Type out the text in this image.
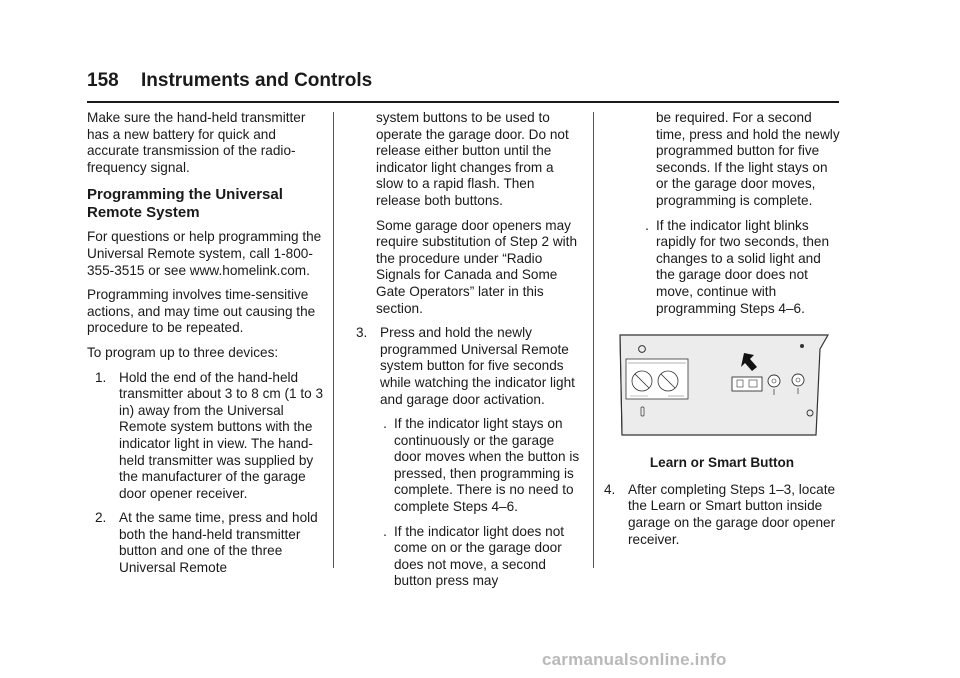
158 Instruments and Controls

Make sure the hand-held transmitter has a new battery for quick and accurate transmission of the radio-frequency signal.

Programming the Universal Remote System

For questions or help programming the Universal Remote system, call 1-800-355-3515 or see www.homelink.com.

Programming involves time-sensitive actions, and may time out causing the procedure to be repeated.

To program up to three devices:

1. Hold the end of the hand-held transmitter about 3 to 8 cm (1 to 3 in) away from the Universal Remote system buttons with the indicator light in view. The hand-held transmitter was supplied by the manufacturer of the garage door opener receiver.
2. At the same time, press and hold both the hand-held transmitter button and one of the three Universal Remote

system buttons to be used to operate the garage door. Do not release either button until the indicator light changes from a slow to a rapid flash. Then release both buttons.

Some garage door openers may require substitution of Step 2 with the procedure under “Radio Signals for Canada and Some Gate Operators” later in this section.

3. Press and hold the newly programmed Universal Remote system button for five seconds while watching the indicator light and garage door activation.
. If the indicator light stays on continuously or the garage door moves when the button is pressed, then programming is complete. There is no need to complete Steps 4–6.
. If the indicator light does not come on or the garage door does not move, a second button press may

be required. For a second time, press and hold the newly programmed button for five seconds. If the light stays on or the garage door moves, programming is complete.

. If the indicator light blinks rapidly for two seconds, then changes to a solid light and the garage door does not move, continue with programming Steps 4–6.
Learn or Smart Button
4. After completing Steps 1–3, locate the Learn or Smart button inside garage on the garage door opener receiver.
carmanualsonline.info
